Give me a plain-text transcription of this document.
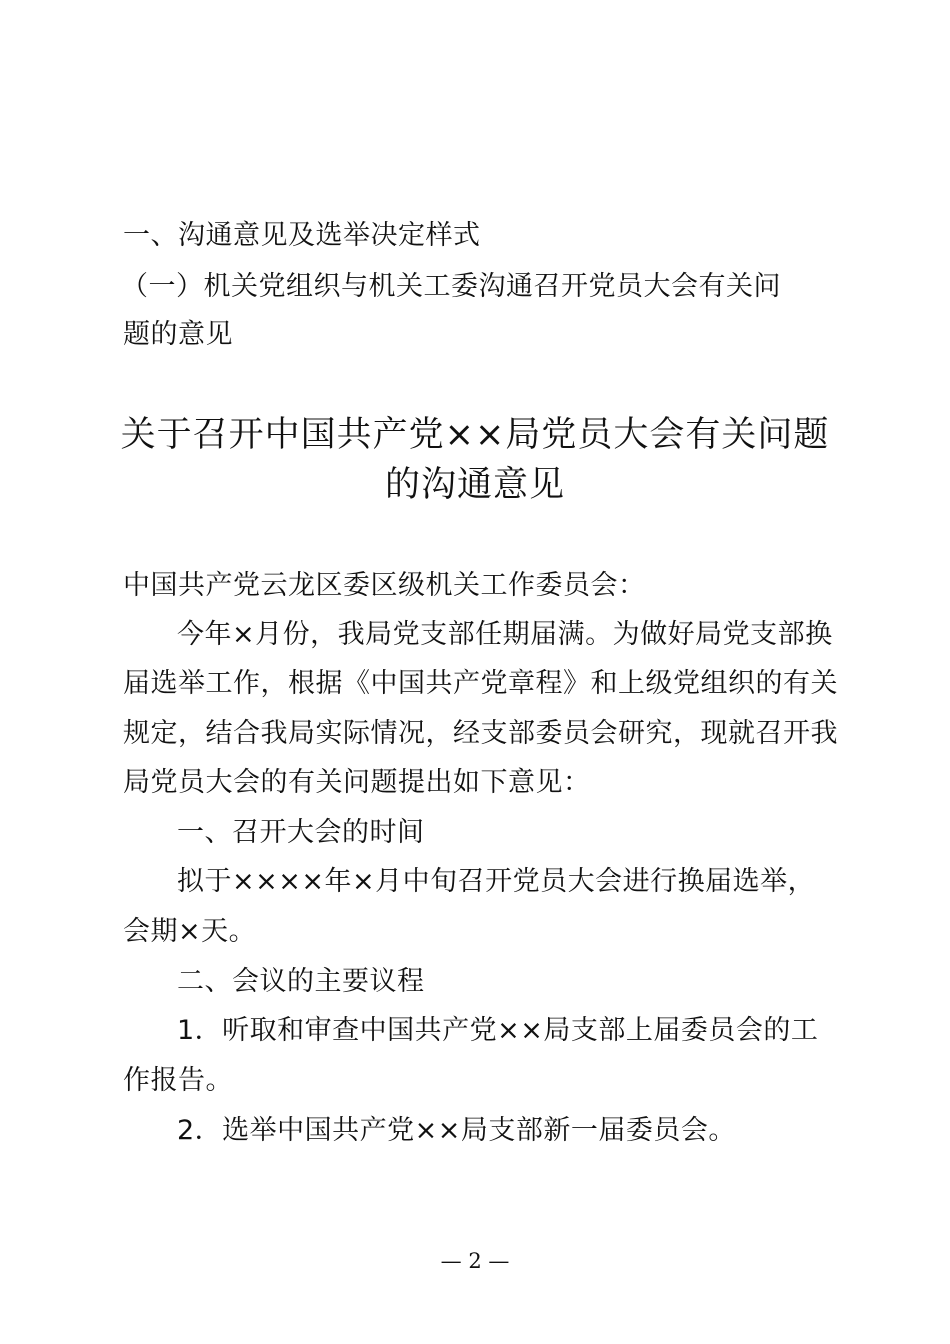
一、沟通意见及选举决定样式
（一）机关党组织与机关工委沟通召开党员大会有关问
题的意见
关于召开中国共产党××局党员大会有关问题
的沟通意见
中国共产党云龙区委区级机关工作委员会：
今年×月份，我局党支部任期届满。为做好局党支部换
届选举工作，根据《中国共产党章程》和上级党组织的有关
规定，结合我局实际情况，经支部委员会研究，现就召开我
局党员大会的有关问题提出如下意见：
一、召开大会的时间
拟于××××年×月中旬召开党员大会进行换届选举，
会期×天。
二、会议的主要议程
1．听取和审查中国共产党××局支部上届委员会的工
作报告。
2．选举中国共产党××局支部新一届委员会。
— 2 —
